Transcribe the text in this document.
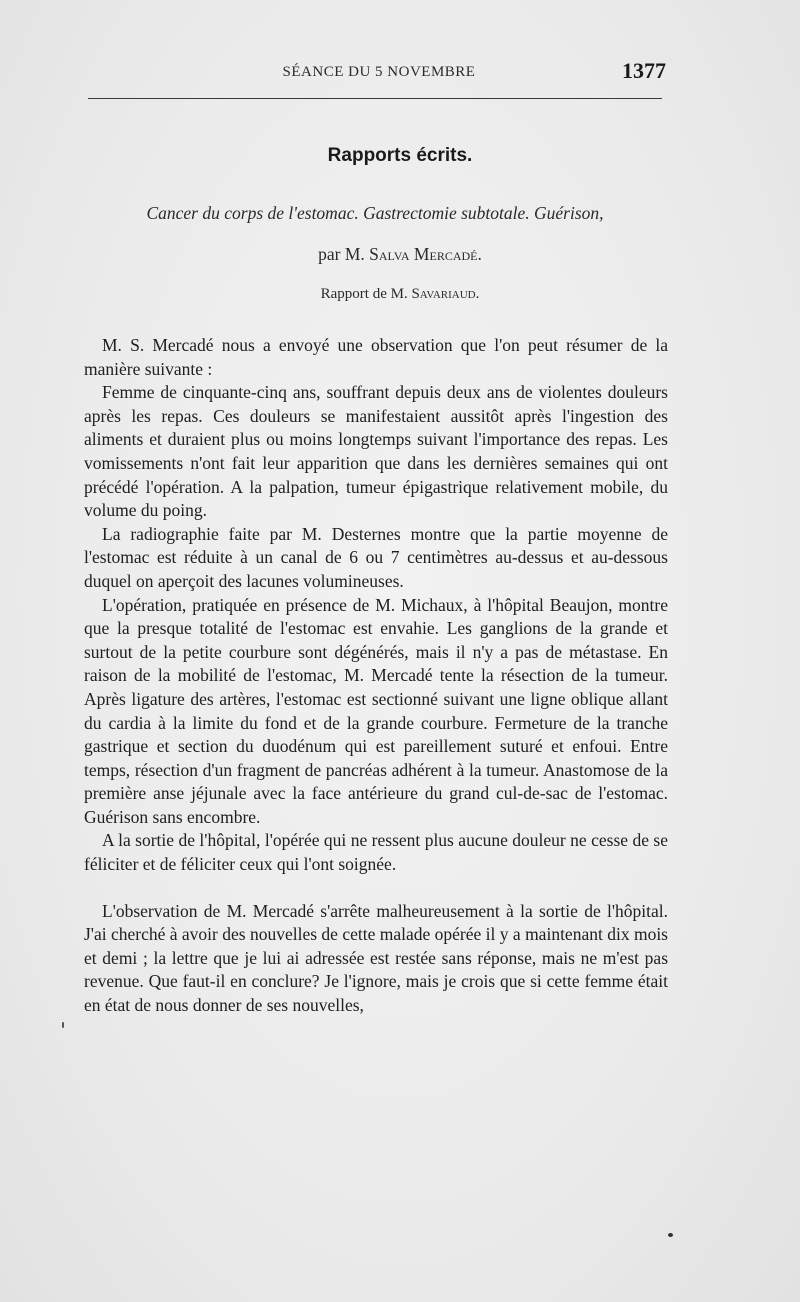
SÉANCE DU 5 NOVEMBRE	1377
Rapports écrits.
Cancer du corps de l'estomac. Gastrectomie subtotale. Guérison,
par M. Salva Mercadé.
Rapport de M. Savariaud.

M. S. Mercadé nous a envoyé une observation que l'on peut résumer de la manière suivante :

Femme de cinquante-cinq ans, souffrant depuis deux ans de violentes douleurs après les repas. Ces douleurs se manifestaient aussitôt après l'ingestion des aliments et duraient plus ou moins longtemps suivant l'importance des repas. Les vomissements n'ont fait leur apparition que dans les dernières semaines qui ont précédé l'opération. A la palpation, tumeur épigastrique relativement mobile, du volume du poing.

La radiographie faite par M. Desternes montre que la partie moyenne de l'estomac est réduite à un canal de 6 ou 7 centimètres au-dessus et au-dessous duquel on aperçoit des lacunes volumineuses.

L'opération, pratiquée en présence de M. Michaux, à l'hôpital Beaujon, montre que la presque totalité de l'estomac est envahie. Les ganglions de la grande et surtout de la petite courbure sont dégénérés, mais il n'y a pas de métastase. En raison de la mobilité de l'estomac, M. Mercadé tente la résection de la tumeur. Après ligature des artères, l'estomac est sectionné suivant une ligne oblique allant du cardia à la limite du fond et de la grande courbure. Fermeture de la tranche gastrique et section du duodénum qui est pareillement suturé et enfoui. Entre temps, résection d'un fragment de pancréas adhérent à la tumeur. Anastomose de la première anse jéjunale avec la face antérieure du grand cul-de-sac de l'estomac. Guérison sans encombre.

A la sortie de l'hôpital, l'opérée qui ne ressent plus aucune douleur ne cesse de se féliciter et de féliciter ceux qui l'ont soignée.

L'observation de M. Mercadé s'arrête malheureusement à la sortie de l'hôpital. J'ai cherché à avoir des nouvelles de cette malade opérée il y a maintenant dix mois et demi ; la lettre que je lui ai adressée est restée sans réponse, mais ne m'est pas revenue. Que faut-il en conclure? Je l'ignore, mais je crois que si cette femme était en état de nous donner de ses nouvelles,
